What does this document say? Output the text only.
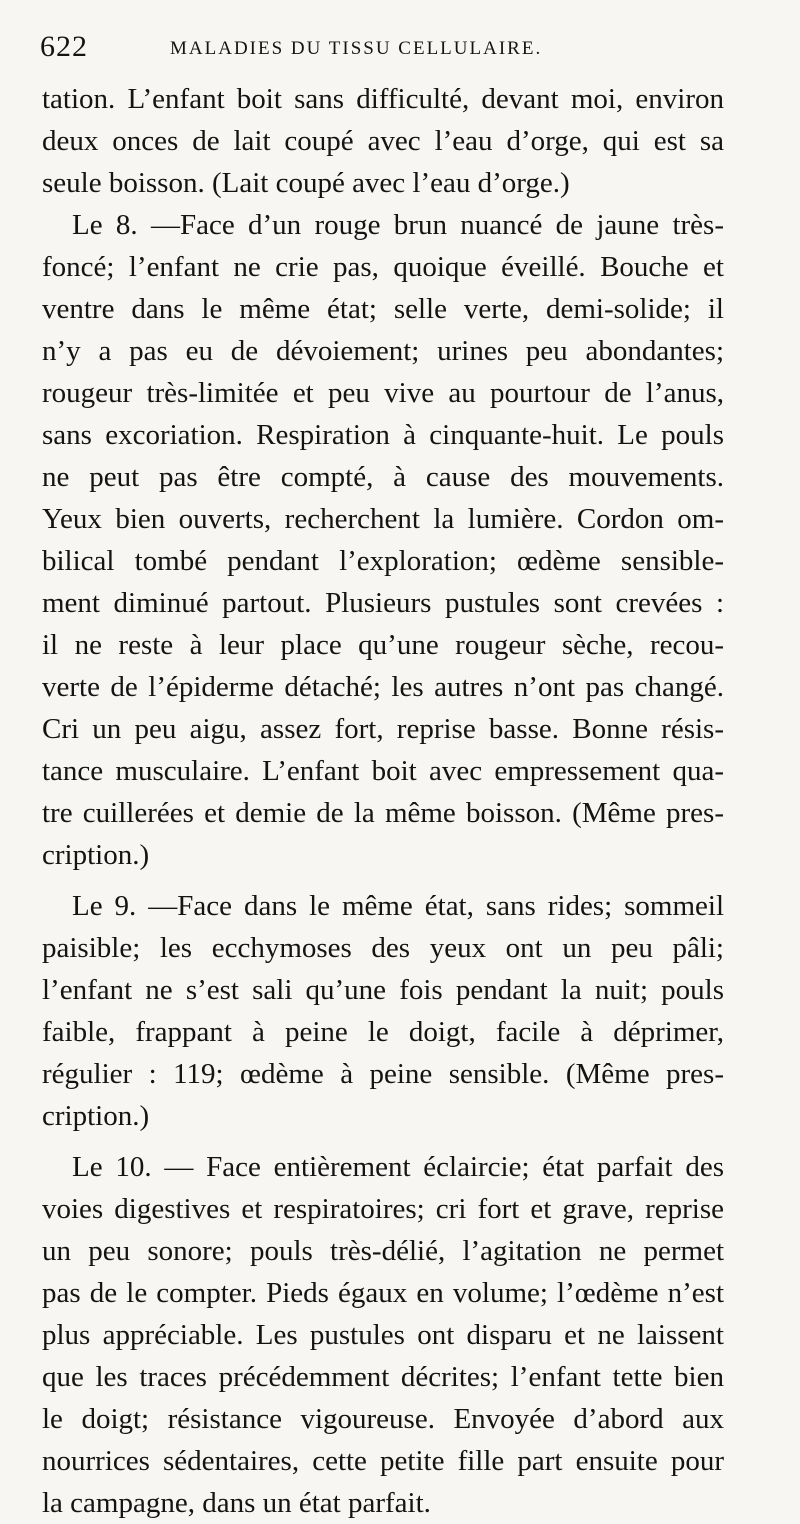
622	MALADIES DU TISSU CELLULAIRE.
tation. L’enfant boit sans difficulté, devant moi, environ
deux onces de lait coupé avec l’eau d’orge, qui est sa
seule boisson. (Lait coupé avec l’eau d’orge.)
Le 8. —Face d’un rouge brun nuancé de jaune très-
foncé; l’enfant ne crie pas, quoique éveillé. Bouche et
ventre dans le même état; selle verte, demi-solide; il
n’y a pas eu de dévoiement; urines peu abondantes;
rougeur très-limitée et peu vive au pourtour de l’anus,
sans excoriation. Respiration à cinquante-huit. Le pouls
ne peut pas être compté, à cause des mouvements.
Yeux bien ouverts, recherchent la lumière. Cordon om-
bilical tombé pendant l’exploration; œdème sensible-
ment diminué partout. Plusieurs pustules sont crevées :
il ne reste à leur place qu’une rougeur sèche, recou-
verte de l’épiderme détaché; les autres n’ont pas changé.
Cri un peu aigu, assez fort, reprise basse. Bonne résis-
tance musculaire. L’enfant boit avec empressement qua-
tre cuillerées et demie de la même boisson. (Même pres-
cription.)
Le 9. —Face dans le même état, sans rides; sommeil
paisible; les ecchymoses des yeux ont un peu pâli;
l’enfant ne s’est sali qu’une fois pendant la nuit; pouls
faible, frappant à peine le doigt, facile à déprimer,
régulier : 119; œdème à peine sensible. (Même pres-
cription.)
Le 10. — Face entièrement éclaircie; état parfait des
voies digestives et respiratoires; cri fort et grave, reprise
un peu sonore; pouls très-délié, l’agitation ne permet
pas de le compter. Pieds égaux en volume; l’œdème n’est
plus appréciable. Les pustules ont disparu et ne laissent
que les traces précédemment décrites; l’enfant tette bien
le doigt; résistance vigoureuse. Envoyée d’abord aux
nourrices sédentaires, cette petite fille part ensuite pour
la campagne, dans un état parfait.
